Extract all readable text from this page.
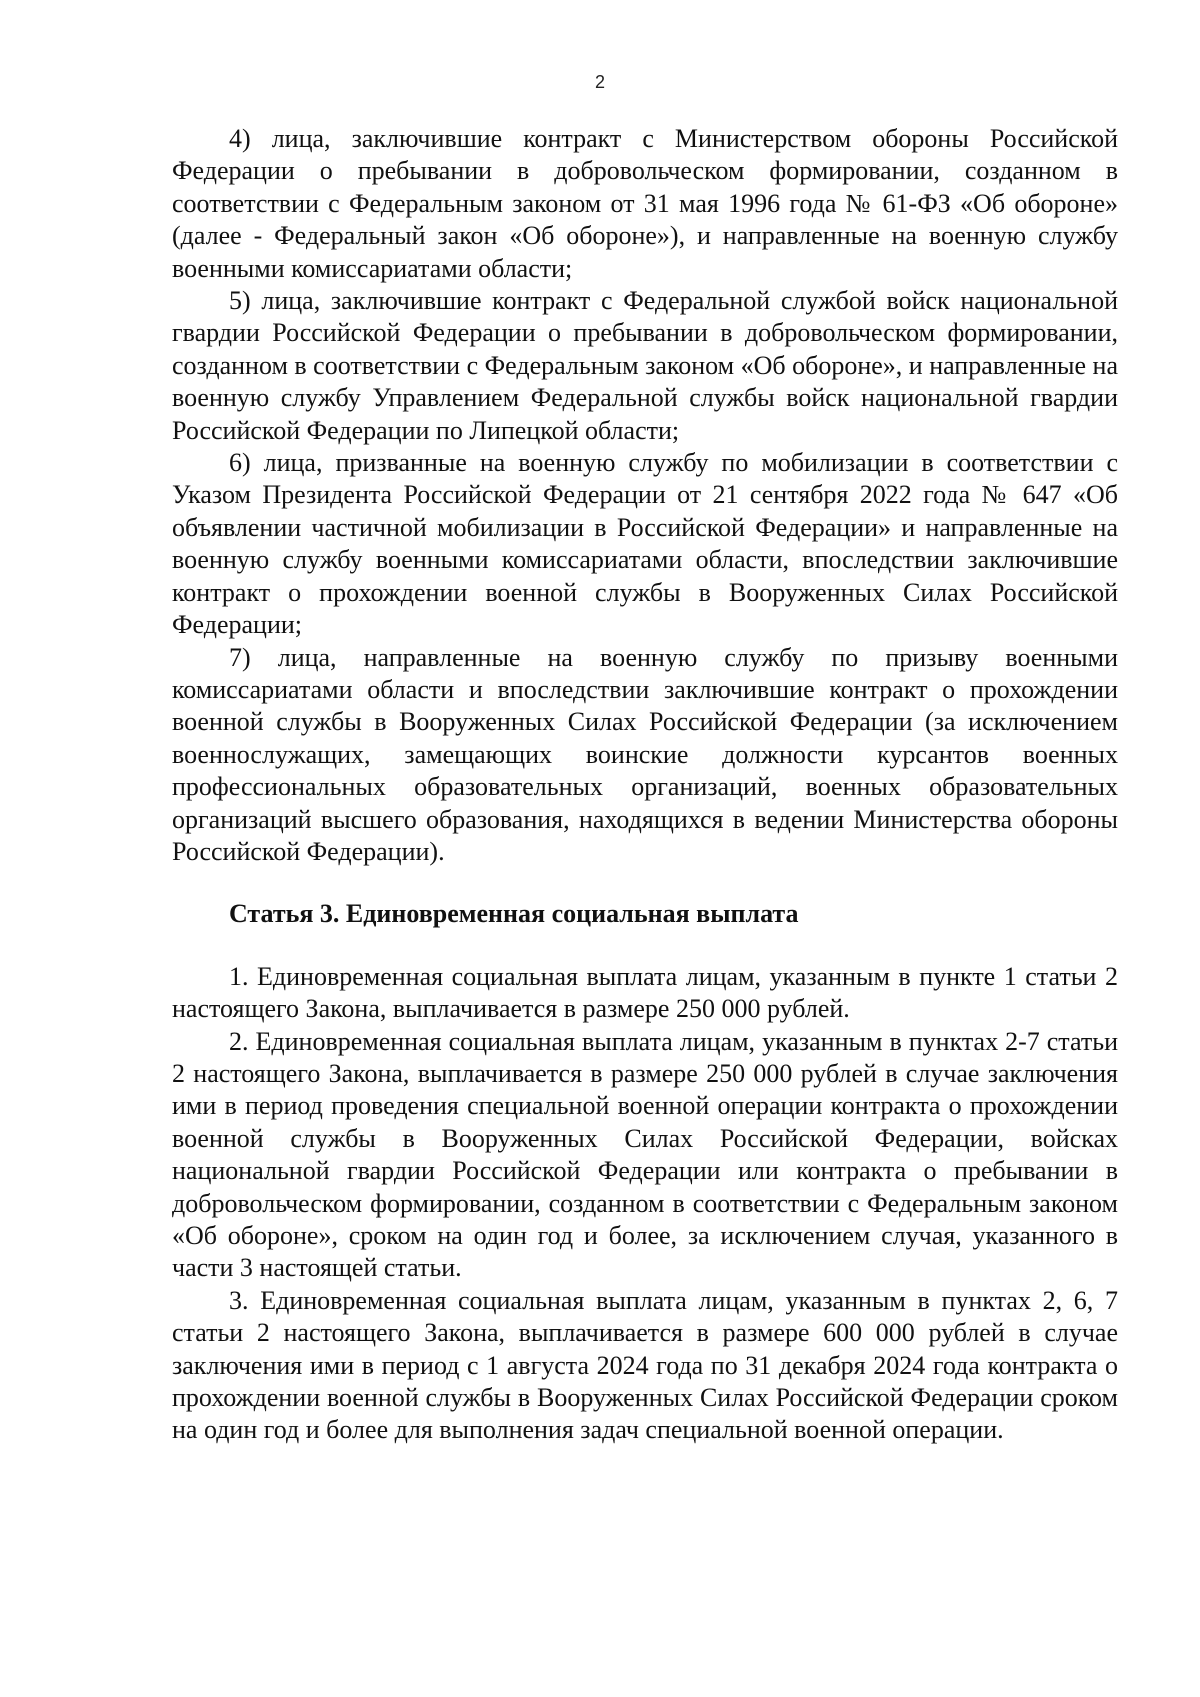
2

4) лица, заключившие контракт с Министерством обороны Российской Федерации о пребывании в добровольческом формировании, созданном в соответствии с Федеральным законом от 31 мая 1996 года № 61-ФЗ «Об обороне» (далее - Федеральный закон «Об обороне»), и направленные на военную службу военными комиссариатами области;

5) лица, заключившие контракт с Федеральной службой войск национальной гвардии Российской Федерации о пребывании в добровольческом формировании, созданном в соответствии с Федеральным законом «Об обороне», и направленные на военную службу Управлением Федеральной службы войск национальной гвардии Российской Федерации по Липецкой области;

6) лица, призванные на военную службу по мобилизации в соответствии с Указом Президента Российской Федерации от 21 сентября 2022 года № 647 «Об объявлении частичной мобилизации в Российской Федерации» и направленные на военную службу военными комиссариатами области, впоследствии заключившие контракт о прохождении военной службы в Вооруженных Силах Российской Федерации;

7) лица, направленные на военную службу по призыву военными комиссариатами области и впоследствии заключившие контракт о прохождении военной службы в Вооруженных Силах Российской Федерации (за исключением военнослужащих, замещающих воинские должности курсантов военных профессиональных образовательных организаций, военных образовательных организаций высшего образования, находящихся в ведении Министерства обороны Российской Федерации).

Статья 3. Единовременная социальная выплата

1. Единовременная социальная выплата лицам, указанным в пункте 1 статьи 2 настоящего Закона, выплачивается в размере 250 000 рублей.

2. Единовременная социальная выплата лицам, указанным в пунктах 2-7 статьи 2 настоящего Закона, выплачивается в размере 250 000 рублей в случае заключения ими в период проведения специальной военной операции контракта о прохождении военной службы в Вооруженных Силах Российской Федерации, войсках национальной гвардии Российской Федерации или контракта о пребывании в добровольческом формировании, созданном в соответствии с Федеральным законом «Об обороне», сроком на один год и более, за исключением случая, указанного в части 3 настоящей статьи.

3. Единовременная социальная выплата лицам, указанным в пунктах 2, 6, 7 статьи 2 настоящего Закона, выплачивается в размере 600 000 рублей в случае заключения ими в период с 1 августа 2024 года по 31 декабря 2024 года контракта о прохождении военной службы в Вооруженных Силах Российской Федерации сроком на один год и более для выполнения задач специальной военной операции.
